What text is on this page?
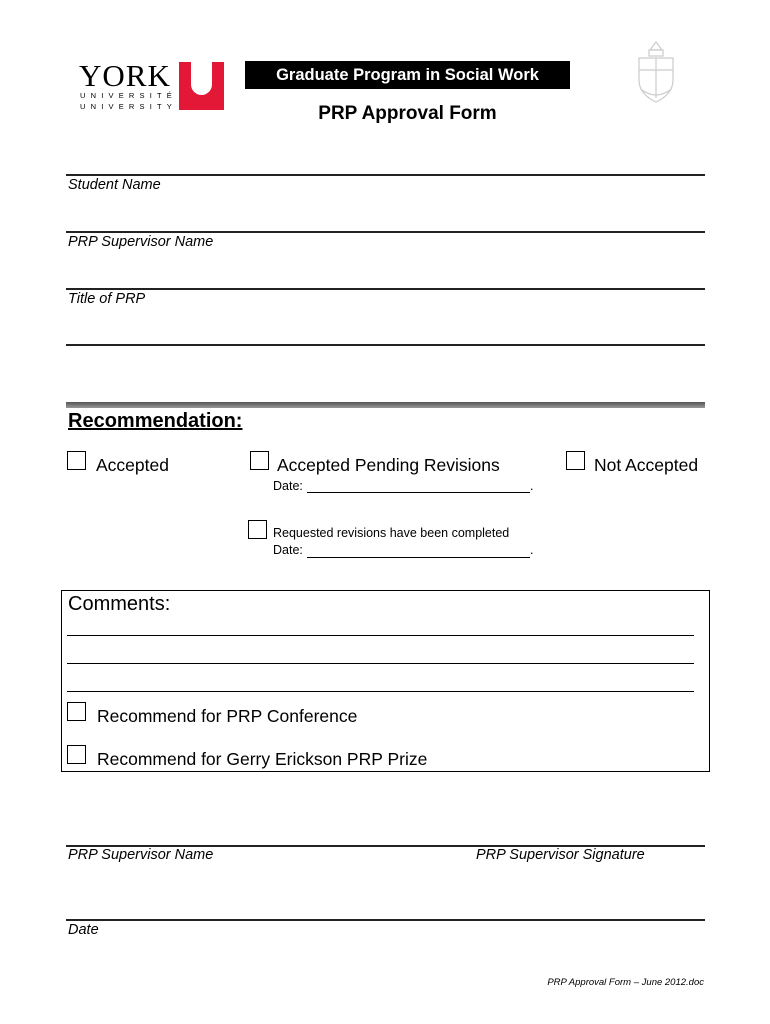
YORK
UNIVERSITÉ
UNIVERSITY
Graduate Program in Social Work
PRP Approval Form
Student Name
PRP Supervisor Name
Title of PRP
Recommendation:
Accepted	Accepted Pending Revisions	Not Accepted
Date:	.
Requested revisions have been completed
Date:	.
Comments:
Recommend for PRP Conference
Recommend for Gerry Erickson PRP Prize
PRP Supervisor Name	PRP Supervisor Signature
Date
PRP Approval Form – June 2012.doc
